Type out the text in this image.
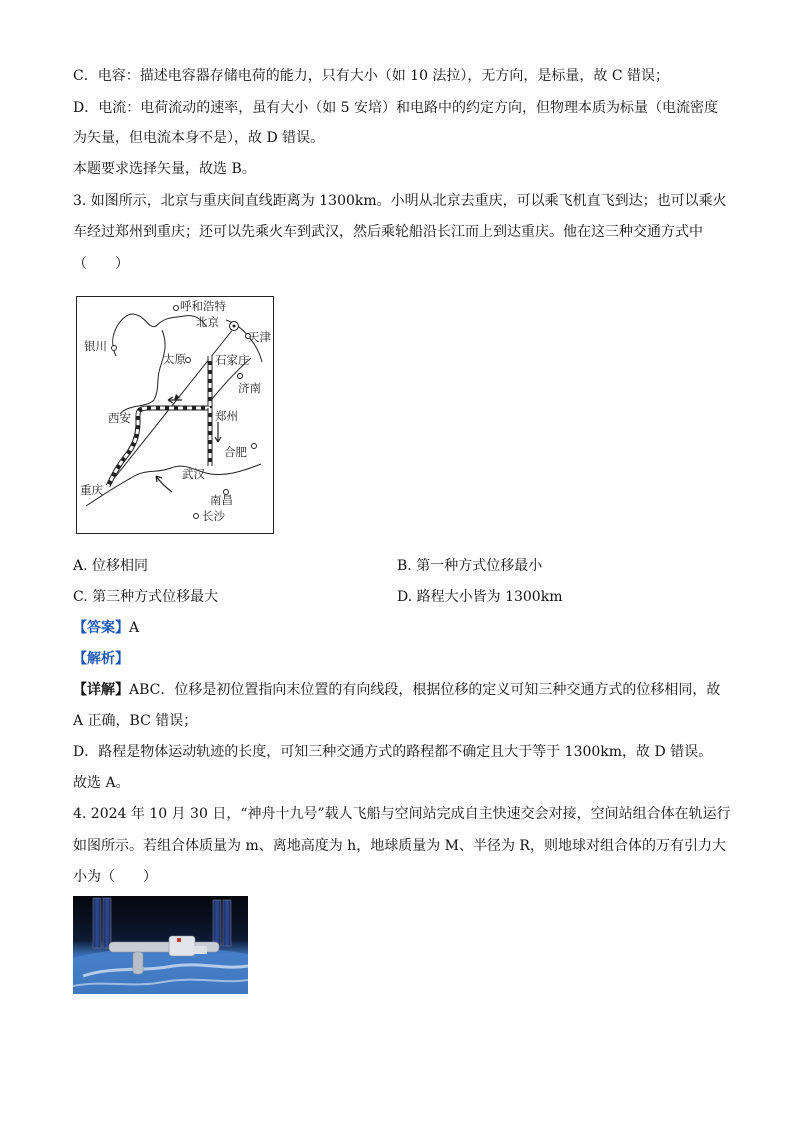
C．电容：描述电容器存储电荷的能力，只有大小（如 10 法拉），无方向，是标量，故 C 错误；
D．电流：电荷流动的速率，虽有大小（如 5 安培）和电路中的约定方向，但物理本质为标量（电流密度
为矢量，但电流本身不是），故 D 错误。
本题要求选择矢量，故选 B。
3. 如图所示，北京与重庆间直线距离为 1300km。小明从北京去重庆，可以乘飞机直飞到达；也可以乘火
车经过郑州到重庆；还可以先乘火车到武汉，然后乘轮船沿长江而上到达重庆。他在这三种交通方式中
（　　）
呼和浩特
北京
天津
银川
太原	石家庄
济南
西安	郑州
合肥
武汉
重庆
南昌
长沙
A. 位移相同	B. 第一种方式位移最小
C. 第三种方式位移最大	D. 路程大小皆为 1300km
【答案】A
【解析】
【详解】ABC．位移是初位置指向末位置的有向线段，根据位移的定义可知三种交通方式的位移相同，故
A 正确，BC 错误；
D．路程是物体运动轨迹的长度，可知三种交通方式的路程都不确定且大于等于 1300km，故 D 错误。
故选 A。
4. 2024 年 10 月 30 日，“神舟十九号”载人飞船与空间站完成自主快速交会对接，空间站组合体在轨运行
如图所示。若组合体质量为 m、离地高度为 h，地球质量为 M、半径为 R，则地球对组合体的万有引力大
小为（　　）
